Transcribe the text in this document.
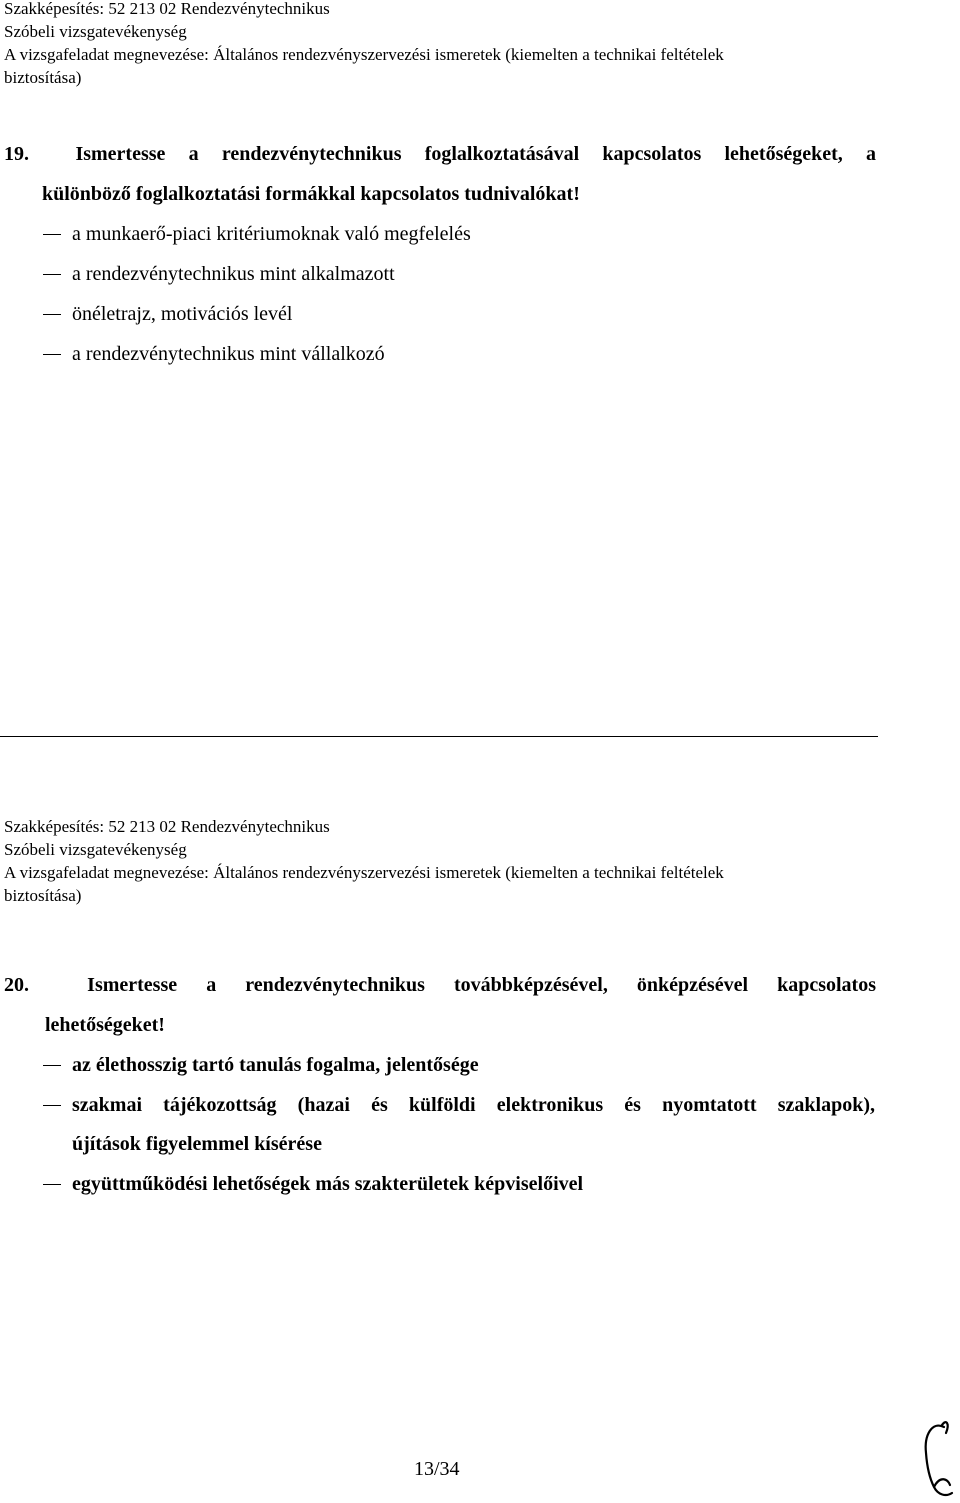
Szakképesítés: 52 213 02 Rendezvénytechnikus
Szóbeli vizsgatevékenység
A vizsgafeladat megnevezése: Általános rendezvényszervezési ismeretek (kiemelten a technikai feltételek
biztosítása)
19. Ismertesse a rendezvénytechnikus foglalkoztatásával kapcsolatos lehetőségeket, a
különböző foglalkoztatási formákkal kapcsolatos tudnivalókat!
a munkaerő-piaci kritériumoknak való megfelelés
a rendezvénytechnikus mint alkalmazott
önéletrajz, motivációs levél
a rendezvénytechnikus mint vállalkozó
Szakképesítés: 52 213 02 Rendezvénytechnikus
Szóbeli vizsgatevékenység
A vizsgafeladat megnevezése: Általános rendezvényszervezési ismeretek (kiemelten a technikai feltételek
biztosítása)
20.	Ismertesse a rendezvénytechnikus továbbképzésével, önképzésével kapcsolatos
lehetőségeket!
az élethosszig tartó tanulás fogalma, jelentősége
szakmai tájékozottság (hazai és külföldi elektronikus és nyomtatott szaklapok),
újítások figyelemmel kísérése
együttműködési lehetőségek más szakterületek képviselőivel
13/34
